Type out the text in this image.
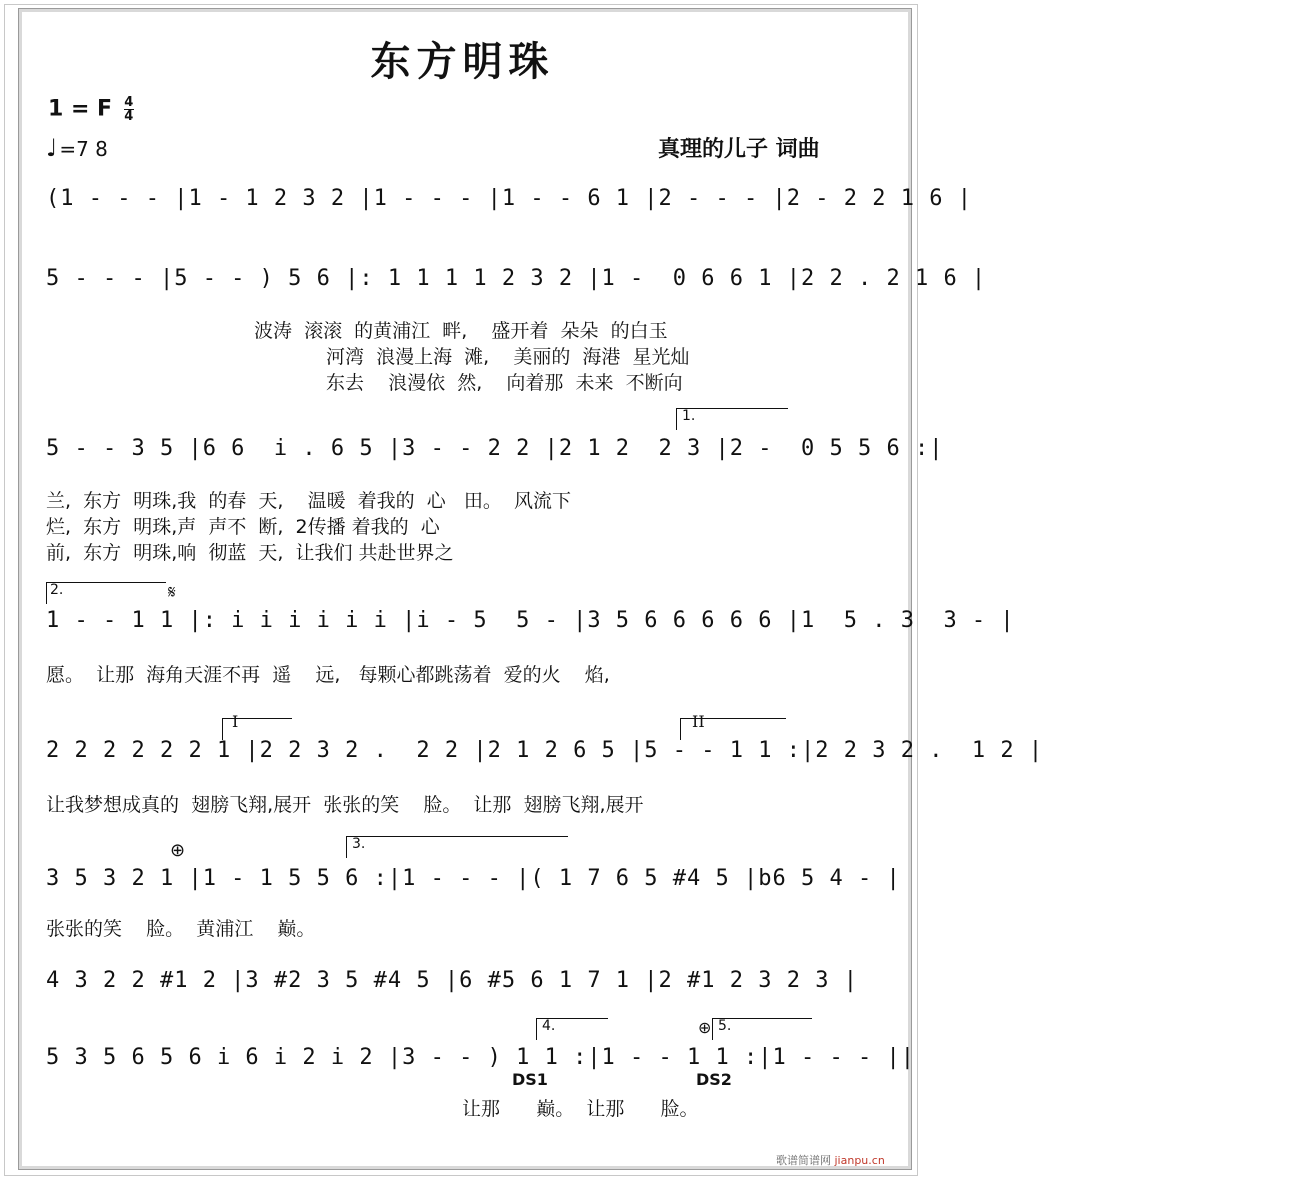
东方明珠
1 = F $\frac{4}{4}$
♩ =7 8	真理的儿子 词曲
(1 - - - |1 - 1 2 3 2 |1 - - - |1 - - 6 1 |2 - - - |2 - 2 2 1 6 |
5 - - - |5 - - ) 5 6 |: 1 1 1 1 2 3 2 |1 -  0 6 6 1 |2 2 . 2 1 6 |
5 - - 3 5 |6 6  i . 6 5 |3 - - 2 2 |2 1 2  2 3 |2 -  0 5 5 6 :|
1 - - 1 1 |: i i i i i i |i - 5  5 - |3 5 6 6 6 6 6 |1  5 . 3  3 - |
2 2 2 2 2 2 1 |2 2 3 2 .  2 2 |2 1 2 6 5 |5 - - 1 1 :|2 2 3 2 .  1 2 |
3 5 3 2 1 |1 - 1 5 5 6 :|1 - - - |( 1 7 6 5 #4 5 |b6 5 4 - |
4 3 2 2 #1 2 |3 #2 3 5 #4 5 |6 #5 6 1 7 1 |2 #1 2 3 2 3 |
5 3 5 6 5 6 i 6 i 2 i 2 |3 - - ) 1 1 :|1 - - 1 1 :|1 - - - ||
波涛  滚滚  的黄浦江  畔,    盛开着  朵朵  的白玉
河湾  浪漫上海  滩,    美丽的  海港  星光灿
东去    浪漫依  然,    向着那  未来  不断向
兰,  东方  明珠,我  的春  天,    温暖  着我的  心   田。  风流下
烂,  东方  明珠,声  声不  断,  2传播 着我的  心
前,  东方  明珠,响  彻蓝  天,  让我们 共赴世界之
愿。  让那  海角天涯不再  遥    远,   每颗心都跳荡着  爱的火    焰,
让我梦想成真的  翅膀飞翔,展开  张张的笑    脸。  让那  翅膀飞翔,展开
张张的笑    脸。  黄浦江    巅。
让那      巅。  让那      脸。
1.
2.
I	II
3.
4.	5.
𝄋
⊕
⊕
DS1	DS2
歌谱简谱网 jianpu.cn
